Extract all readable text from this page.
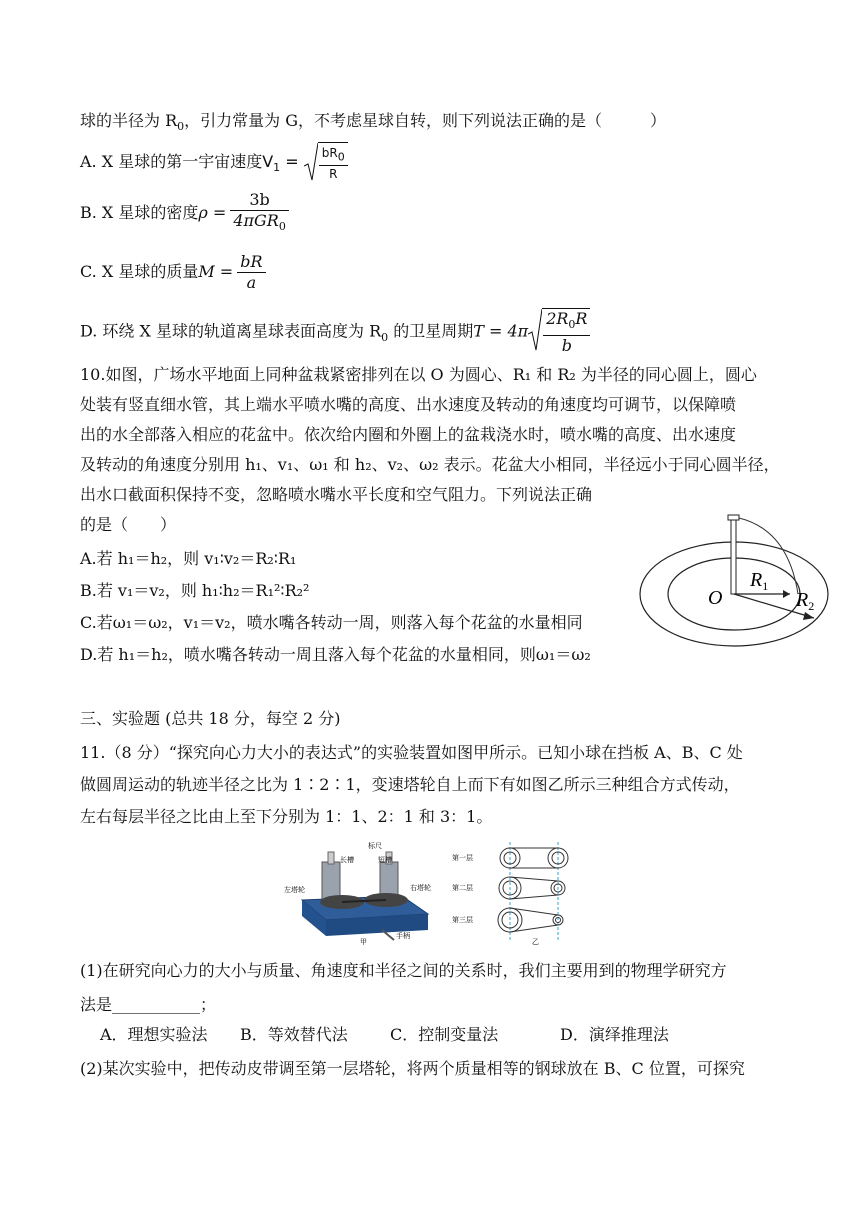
球的半径为 $R_0$，引力常量为 G，不考虑星球自转，则下列说法正确的是（　　　）
A. X 星球的第一宇宙速度$V_1 = \frac{bR_0}{R}$
B. X 星球的密度$\rho = \frac{3b}{4\pi GR_0}$
C. X 星球的质量$M = \frac{bR}{a}$
D. 环绕 X 星球的轨道离星球表面高度为 $R_0$ 的卫星周期$T = 4\pi \frac{2R_0R}{b}$
10.如图，广场水平地面上同种盆栽紧密排列在以 O 为圆心、R₁ 和 R₂ 为半径的同心圆上，圆心
处装有竖直细水管，其上端水平喷水嘴的高度、出水速度及转动的角速度均可调节，以保障喷
出的水全部落入相应的花盆中。依次给内圈和外圈上的盆栽浇水时，喷水嘴的高度、出水速度
及转动的角速度分别用 h₁、v₁、ω₁ 和 h₂、v₂、ω₂ 表示。花盆大小相同，半径远小于同心圆半径，
出水口截面积保持不变，忽略喷水嘴水平长度和空气阻力。下列说法正确
的是（　　）
A.若 h₁＝h₂，则 v₁∶v₂＝R₂∶R₁
B.若 v₁＝v₂，则 h₁∶h₂＝R₁²∶R₂²
C.若ω₁＝ω₂，v₁＝v₂，喷水嘴各转动一周，则落入每个花盆的水量相同
D.若 h₁＝h₂，喷水嘴各转动一周且落入每个花盆的水量相同，则ω₁＝ω₂
O
$R_1$
$R_2$
三、实验题 (总共 18 分，每空 2 分)
11.（8 分）“探究向心力大小的表达式”的实验装置如图甲所示。已知小球在挡板 A、B、C 处
做圆周运动的轨迹半径之比为 1∶2∶1，变速塔轮自上而下有如图乙所示三种组合方式传动，
左右每层半径之比由上至下分别为 1：1、2：1 和 3：1。
标尺
长槽	短槽
左塔轮	右塔轮
手柄
甲
第一层
第二层
第三层
乙
(1)在研究向心力的大小与质量、角速度和半径之间的关系时，我们主要用到的物理学研究方
法是___________；
A．理想实验法 B．等效替代法	C．控制变量法	D．演绎推理法
(2)某次实验中，把传动皮带调至第一层塔轮，将两个质量相等的钢球放在 B、C 位置，可探究
